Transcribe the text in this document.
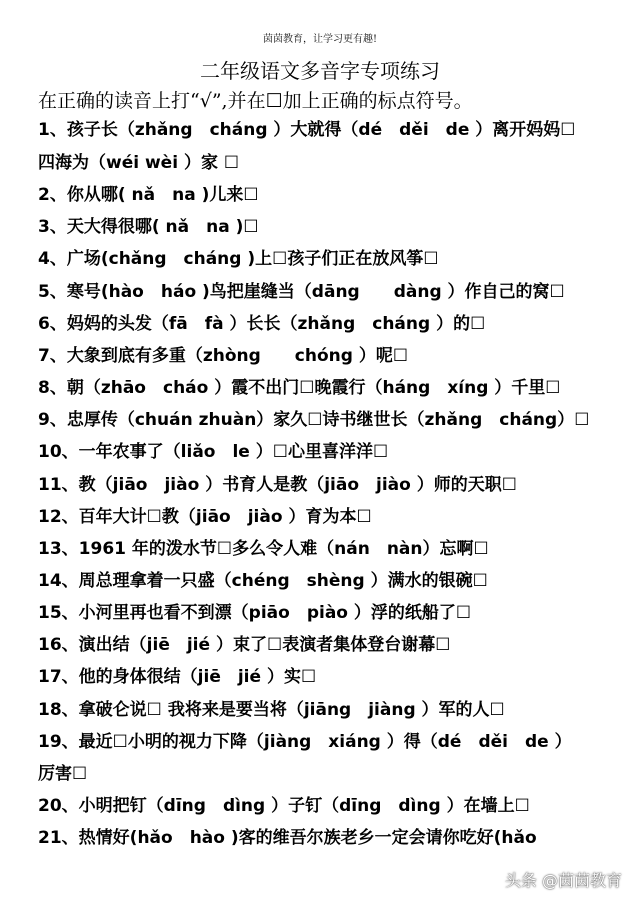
茵茵教育，让学习更有趣!
二年级语文多音字专项练习
在正确的读音上打“√”,并在☐加上正确的标点符号。
1、孩子长（zhǎng　cháng ）大就得（dé　děi　de ）离开妈妈☐
四海为（wéi wèi ）家 ☐
2、你从哪( nǎ　na )儿来☐
3、天大得很哪( nǎ　na )☐
4、广场(chǎng　cháng )上☐孩子们正在放风筝☐
5、寒号(hào　háo )鸟把崖缝当（dāng　　dàng ）作自己的窝☐
6、妈妈的头发（fā　fà ）长长（zhǎng　cháng ）的☐
7、大象到底有多重（zhòng　　chóng ）呢☐
8、朝（zhāo　cháo ）霞不出门☐晚霞行（háng　xíng ）千里☐
9、忠厚传（chuán zhuàn）家久☐诗书继世长（zhǎng　cháng）☐
10、一年农事了（liǎo　le ）☐心里喜洋洋☐
11、教（jiāo　jiào ）书育人是教（jiāo　jiào ）师的天职☐
12、百年大计☐教（jiāo　jiào ）育为本☐
13、1961 年的泼水节☐多么令人难（nán　nàn）忘啊☐
14、周总理拿着一只盛（chéng　shèng ）满水的银碗☐
15、小河里再也看不到漂（piāo　piào ）浮的纸船了☐
16、演出结（jiē　jié ）束了☐表演者集体登台谢幕☐
17、他的身体很结（jiē　jié ）实☐
18、拿破仑说☐ 我将来是要当将（jiāng　jiàng ）军的人☐
19、最近☐小明的视力下降（jiàng　xiáng ）得（dé　děi　de ）
厉害☐
20、小明把钉（dīng　dìng ）子钉（dīng　dìng ）在墙上☐
21、热情好(hǎo　hào )客的维吾尔族老乡一定会请你吃好(hǎo
头条 @茵茵教育
